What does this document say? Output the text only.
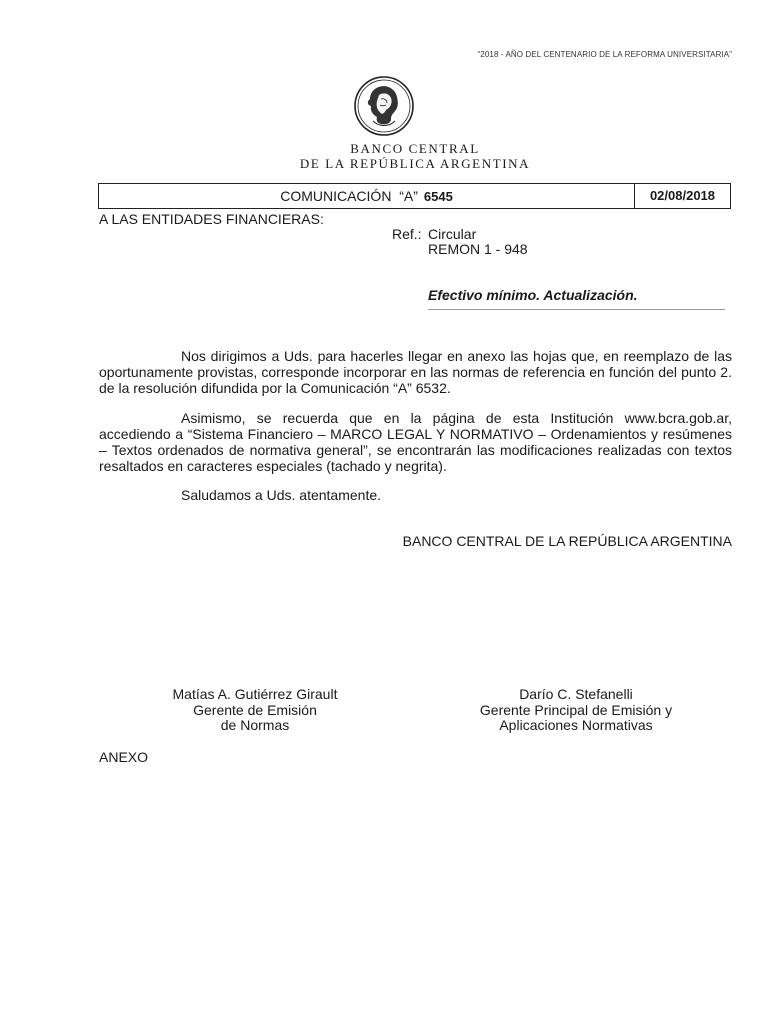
“2018 - AÑO DEL CENTENARIO DE LA REFORMA UNIVERSITARIA”
BANCO CENTRAL
DE LA REPÚBLICA ARGENTINA
COMUNICACIÓN  “A” 6545	02/08/2018
A LAS ENTIDADES FINANCIERAS:
Ref.: Circular
REMON 1 - 948
Efectivo mínimo. Actualización.
Nos dirigimos a Uds. para hacerles llegar en anexo las hojas que, en reemplazo de las oportunamente provistas, corresponde incorporar en las normas de referencia en función del punto 2. de la resolución difundida por la Comunicación “A” 6532.
Asimismo, se recuerda que en la página de esta Institución www.bcra.gob.ar, accediendo a “Sistema Financiero – MARCO LEGAL Y NORMATIVO – Ordenamientos y resúmenes – Textos ordenados de normativa general”, se encontrarán las modificaciones realizadas con textos resaltados en caracteres especiales (tachado y negrita).
Saludamos a Uds. atentamente.
BANCO CENTRAL DE LA REPÚBLICA ARGENTINA
Matías A. Gutiérrez Girault
Gerente de Emisión
de Normas
Darío C. Stefanelli
Gerente Principal de Emisión y
Aplicaciones Normativas
ANEXO
